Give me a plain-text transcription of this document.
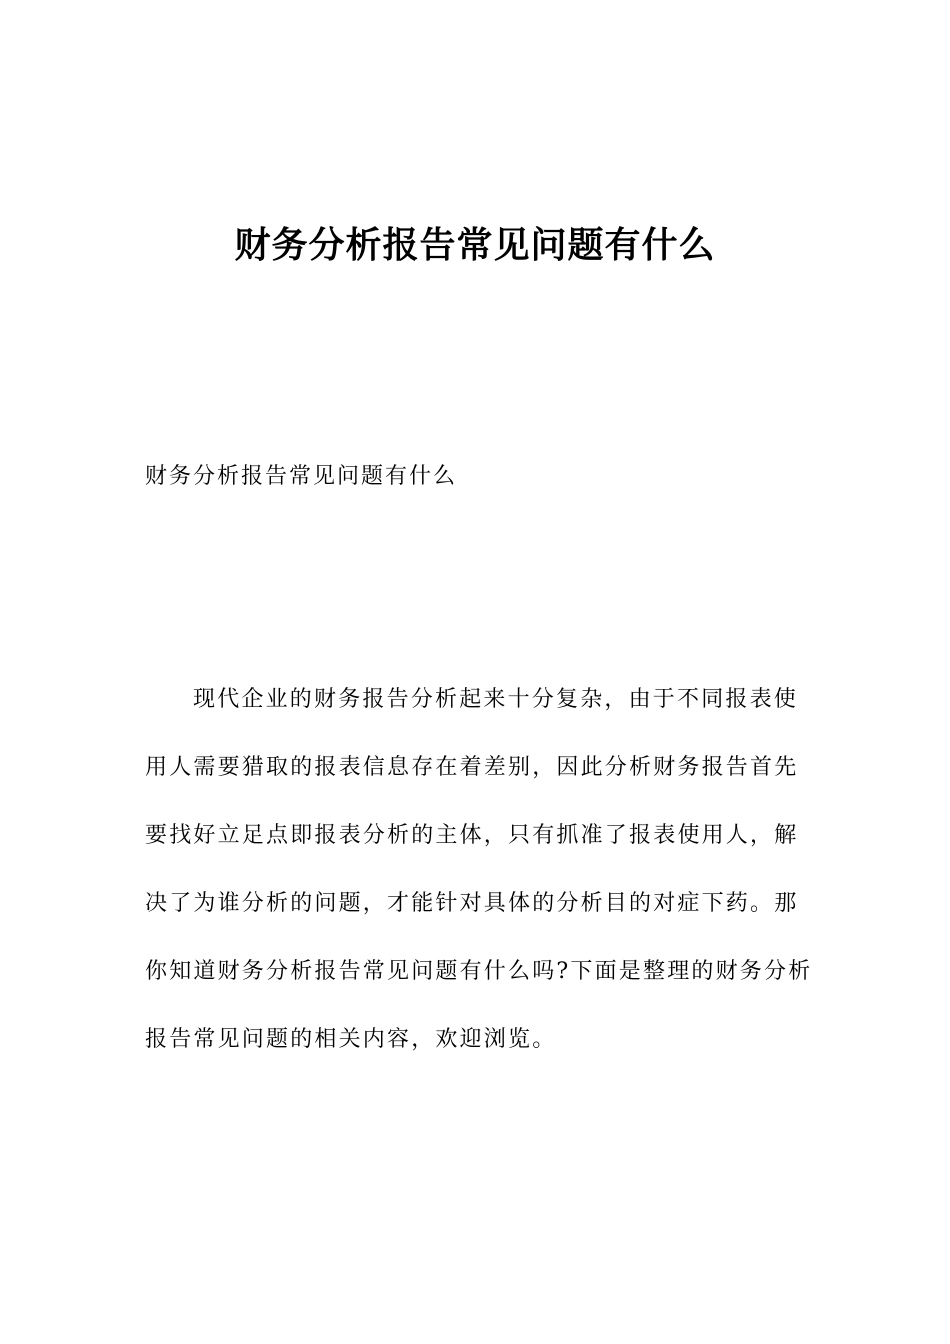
财务分析报告常见问题有什么

财务分析报告常见问题有什么

现代企业的财务报告分析起来十分复杂，由于不同报表使
用人需要猎取的报表信息存在着差别，因此分析财务报告首先
要找好立足点即报表分析的主体，只有抓准了报表使用人，解
决了为谁分析的问题，才能针对具体的分析目的对症下药。那
你知道财务分析报告常见问题有什么吗?下面是整理的财务分析
报告常见问题的相关内容，欢迎浏览。
